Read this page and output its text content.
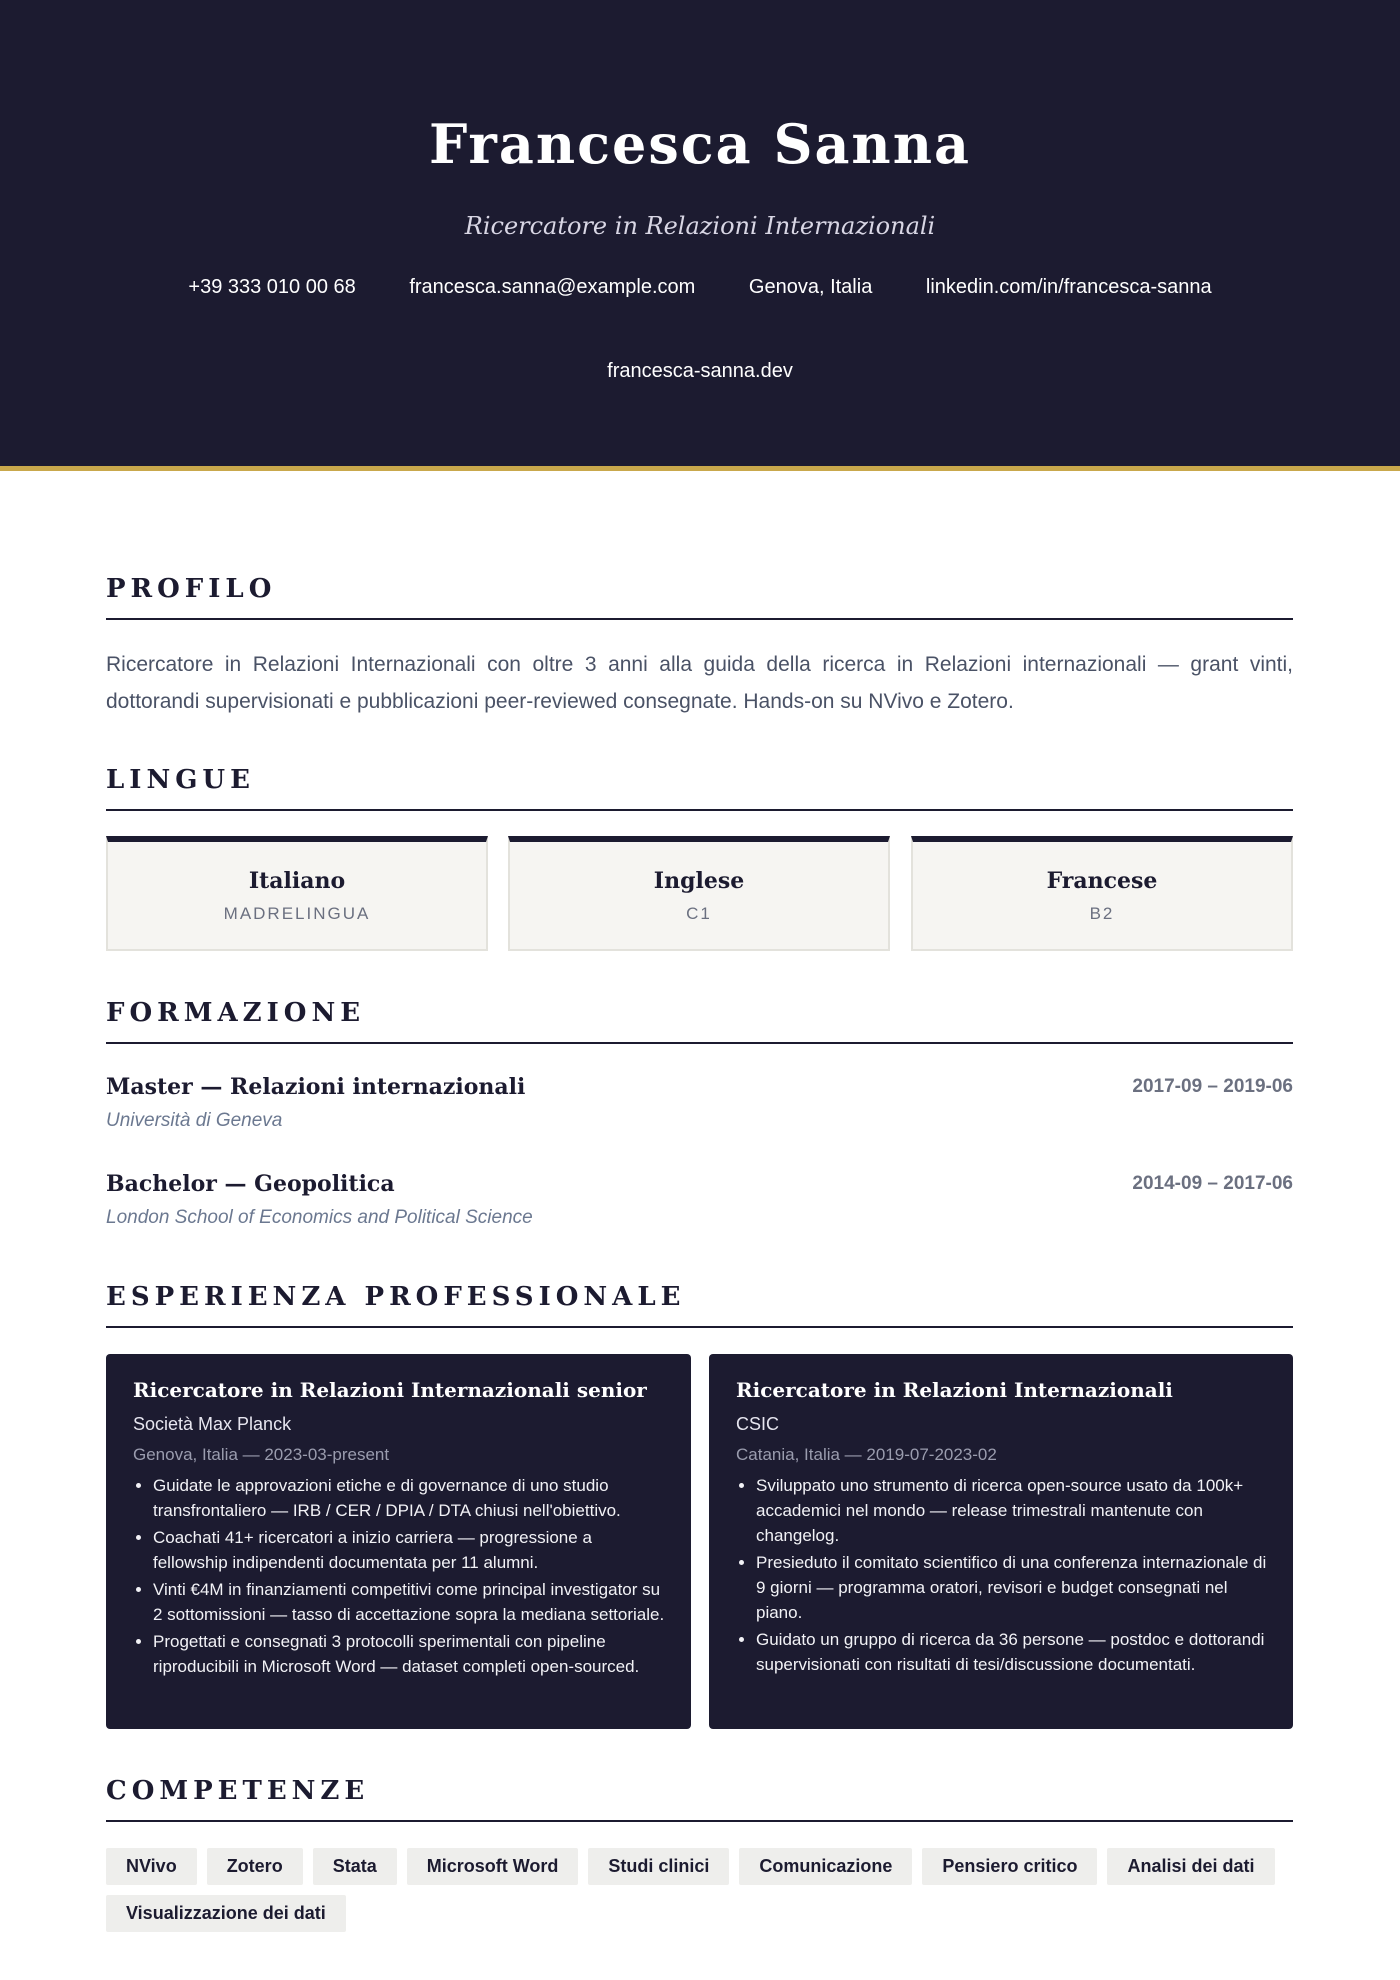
Francesca Sanna
Ricercatore in Relazioni Internazionali
+39 333 010 00 68	francesca.sanna@example.com	Genova, Italia	linkedin.com/in/francesca-sanna
francesca-sanna.dev
PROFILO
Ricercatore in Relazioni Internazionali con oltre 3 anni alla guida della ricerca in Relazioni internazionali — grant vinti, dottorandi supervisionati e pubblicazioni peer-reviewed consegnate. Hands-on su NVivo e Zotero.
LINGUE
Italiano
MADRELINGUA
Inglese
C1
Francese
B2
FORMAZIONE
Master — Relazioni internazionali	2017-09 – 2019-06
Università di Geneva
Bachelor — Geopolitica	2014-09 – 2017-06
London School of Economics and Political Science
ESPERIENZA PROFESSIONALE
Ricercatore in Relazioni Internazionali senior
Società Max Planck
Genova, Italia — 2023-03-present
• Guidate le approvazioni etiche e di governance di uno studio transfrontaliero — IRB / CER / DPIA / DTA chiusi nell'obiettivo.
• Coachati 41+ ricercatori a inizio carriera — progressione a fellowship indipendenti documentata per 11 alumni.
• Vinti €4M in finanziamenti competitivi come principal investigator su 2 sottomissioni — tasso di accettazione sopra la mediana settoriale.
• Progettati e consegnati 3 protocolli sperimentali con pipeline riproducibili in Microsoft Word — dataset completi open-sourced.
Ricercatore in Relazioni Internazionali
CSIC
Catania, Italia — 2019-07-2023-02
• Sviluppato uno strumento di ricerca open-source usato da 100k+ accademici nel mondo — release trimestrali mantenute con changelog.
• Presieduto il comitato scientifico di una conferenza internazionale di 9 giorni — programma oratori, revisori e budget consegnati nel piano.
• Guidato un gruppo di ricerca da 36 persone — postdoc e dottorandi supervisionati con risultati di tesi/discussione documentati.
COMPETENZE
NVivo	Zotero	Stata	Microsoft Word	Studi clinici	Comunicazione	Pensiero critico	Analisi dei dati
Visualizzazione dei dati
